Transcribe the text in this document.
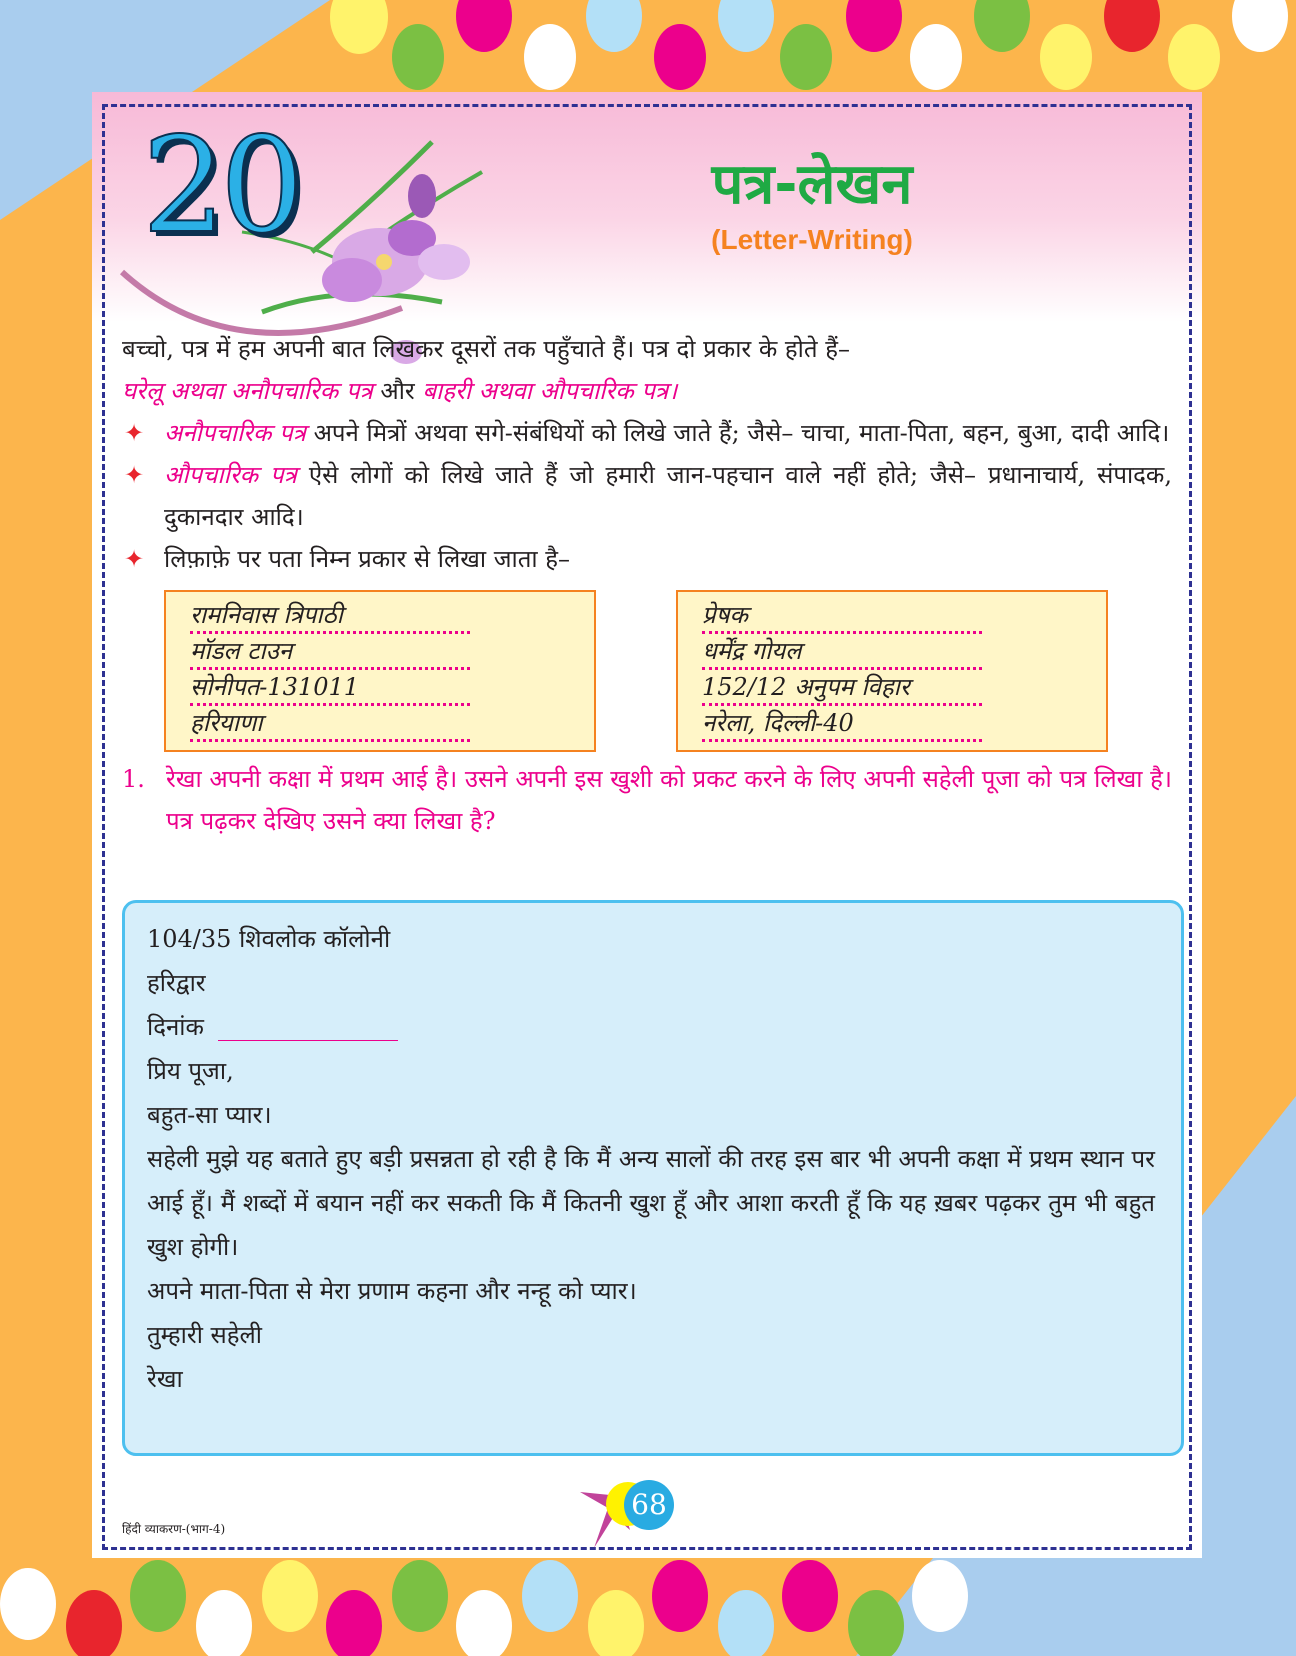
20	पत्र-लेखन
(Letter-Writing)

बच्चो, पत्र में हम अपनी बात लिखकर दूसरों तक पहुँचाते हैं। पत्र दो प्रकार के होते हैं–
घरेलू अथवा अनौपचारिक पत्र और बाहरी अथवा औपचारिक पत्र।

✦ अनौपचारिक पत्र अपने मित्रों अथवा सगे-संबंधियों को लिखे जाते हैं; जैसे– चाचा, माता-पिता, बहन, बुआ, दादी आदि।

✦ औपचारिक पत्र ऐसे लोगों को लिखे जाते हैं जो हमारी जान-पहचान वाले नहीं होते; जैसे– प्रधानाचार्य, संपादक, दुकानदार आदि।

✦ लिफ़ाफ़े पर पता निम्न प्रकार से लिखा जाता है–

रामनिवास त्रिपाठी
मॉडल टाउन
सोनीपत-131011
हरियाणा
प्रेषक
धर्मेंद्र गोयल
152/12 अनुपम विहार
नरेला, दिल्ली-40

1. रेखा अपनी कक्षा में प्रथम आई है। उसने अपनी इस खुशी को प्रकट करने के लिए अपनी सहेली पूजा को पत्र लिखा है। पत्र पढ़कर देखिए उसने क्या लिखा है?

104/35 शिवलोक कॉलोनी

हरिद्वार

दिनांक

प्रिय पूजा,

बहुत-सा प्यार।

सहेली मुझे यह बताते हुए बड़ी प्रसन्नता हो रही है कि मैं अन्य सालों की तरह इस बार भी अपनी कक्षा में प्रथम स्थान पर आई हूँ। मैं शब्दों में बयान नहीं कर सकती कि मैं कितनी खुश हूँ और आशा करती हूँ कि यह ख़बर पढ़कर तुम भी बहुत खुश होगी।

अपने माता-पिता से मेरा प्रणाम कहना और नन्हू को प्यार।

तुम्हारी सहेली

रेखा

हिंदी व्याकरण-(भाग-4)
68
